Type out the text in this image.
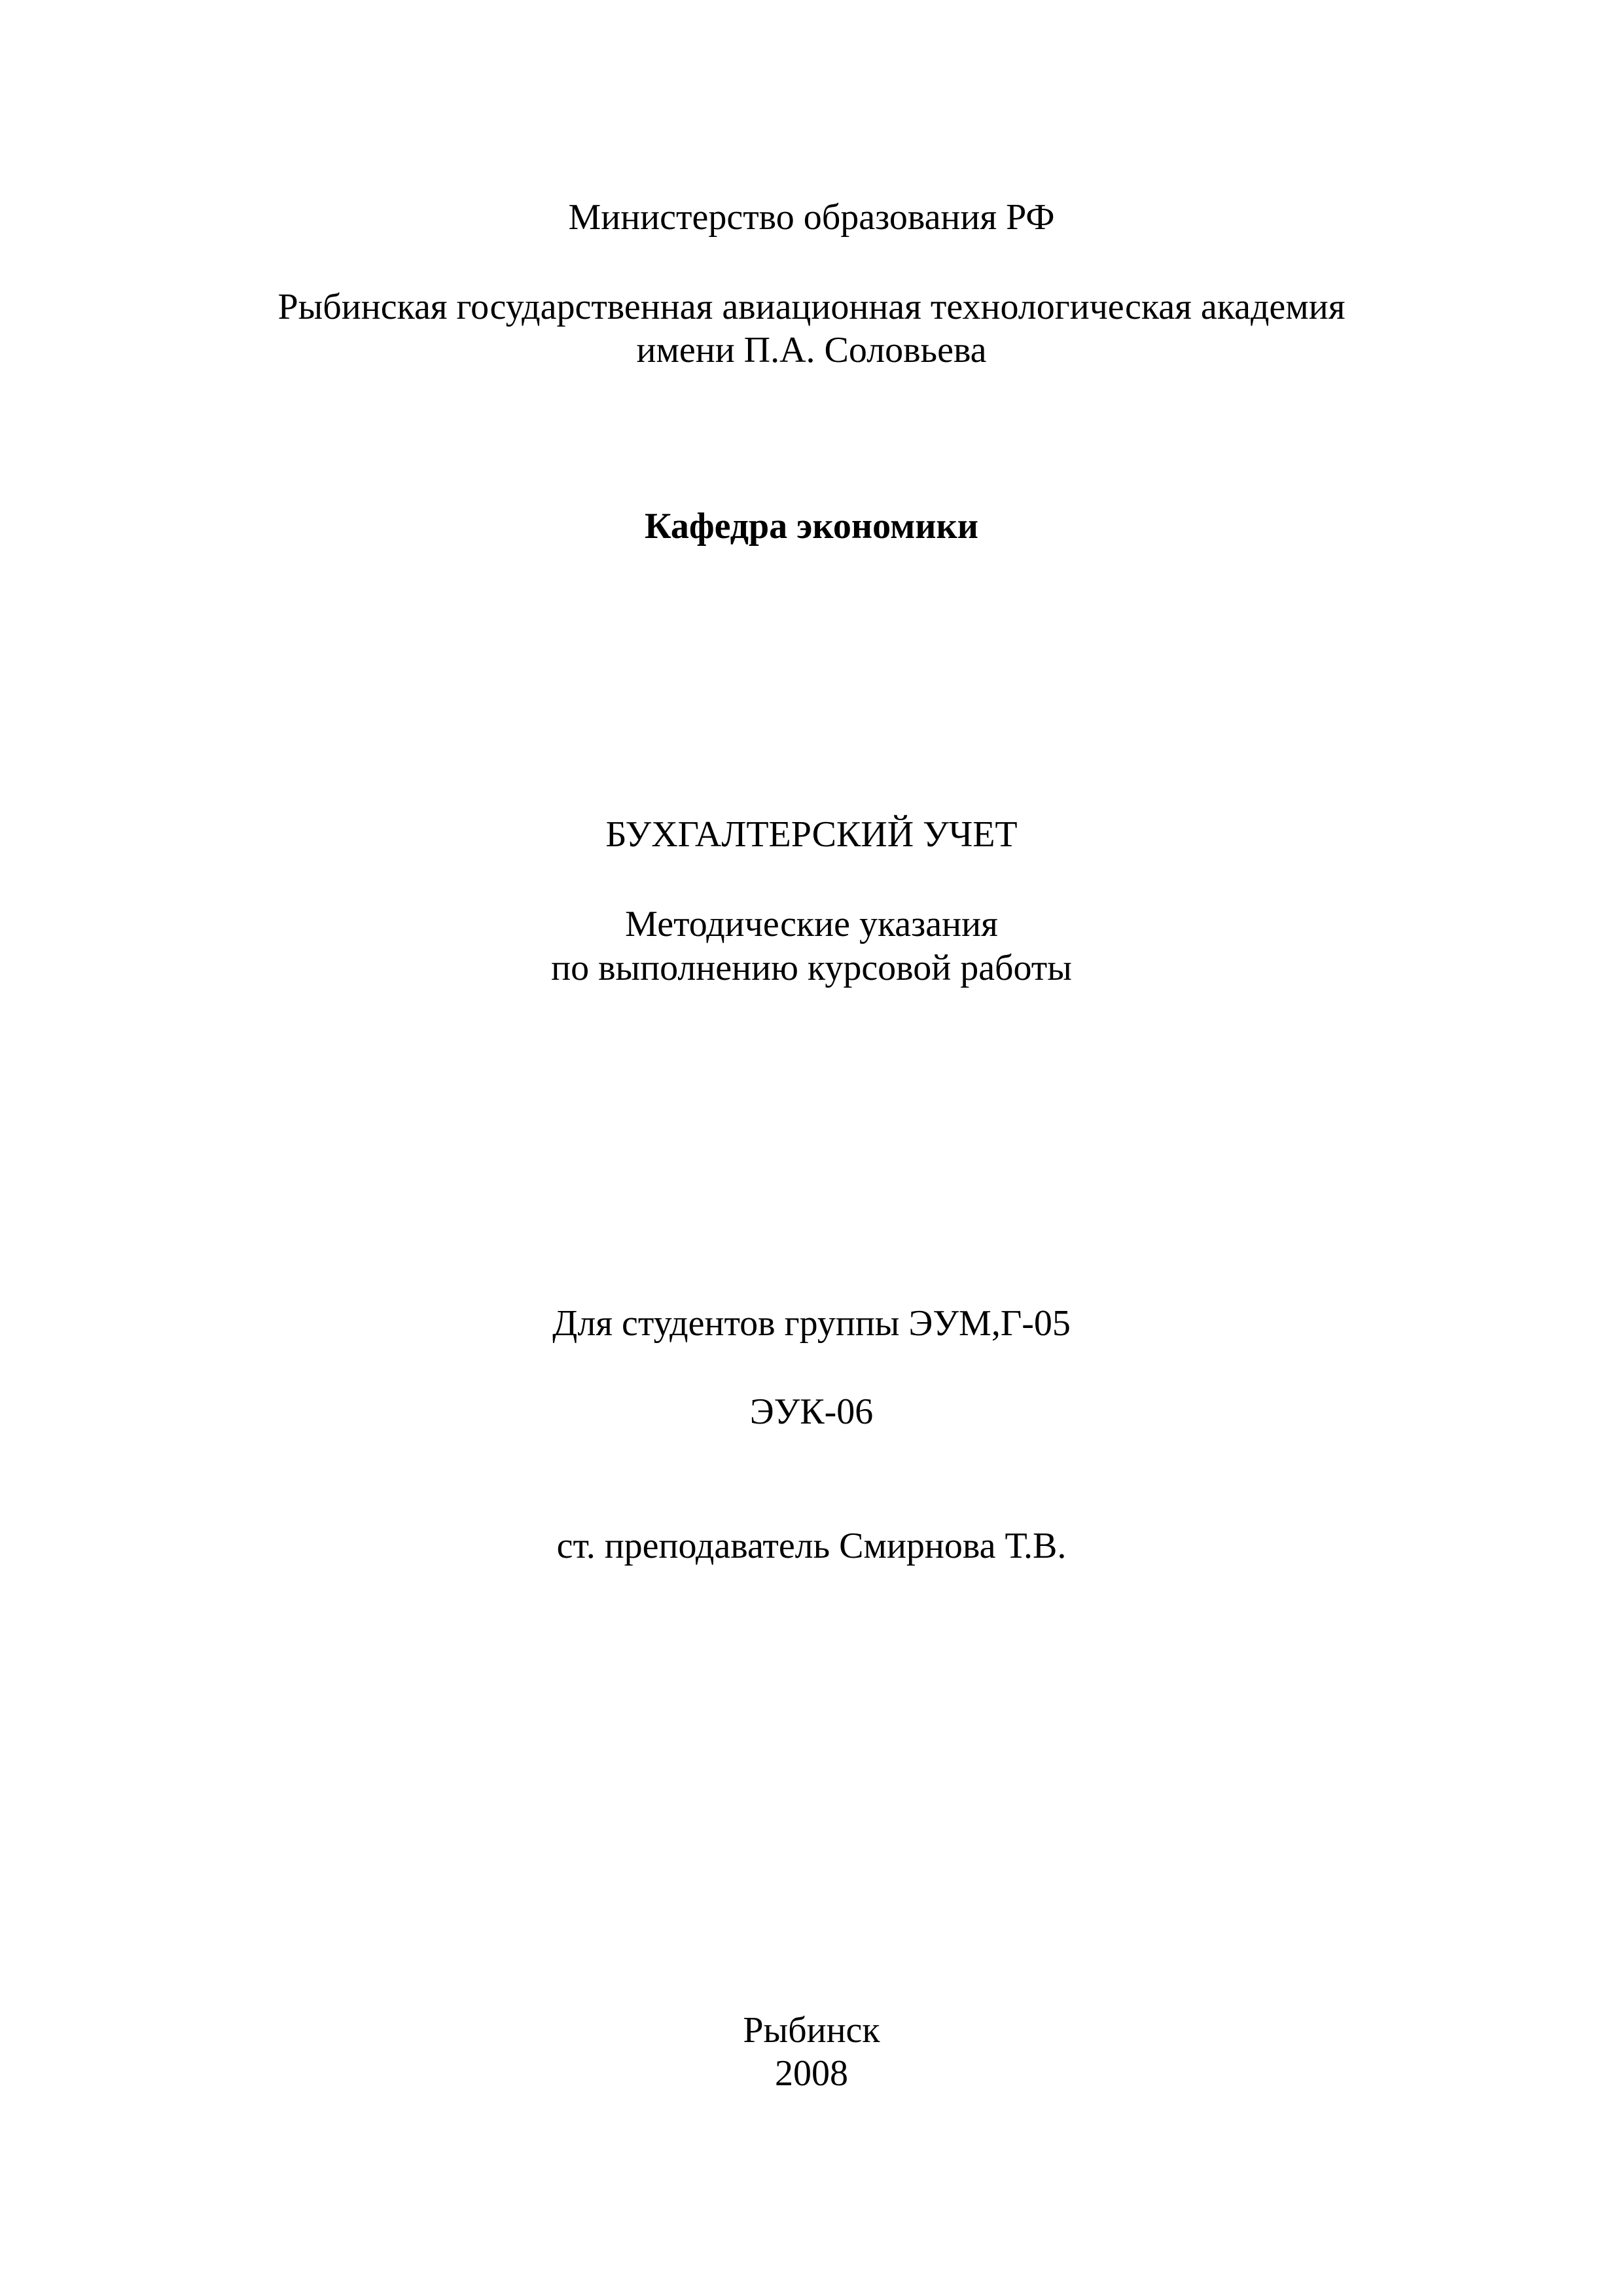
Министерство образования РФ
Рыбинская государственная авиационная технологическая академия
имени П.А. Соловьева
Кафедра экономики
БУХГАЛТЕРСКИЙ УЧЕТ
Методические указания
по выполнению курсовой работы
Для студентов группы ЭУМ,Г-05
ЭУК-06
ст. преподаватель Смирнова Т.В.
Рыбинск
2008
